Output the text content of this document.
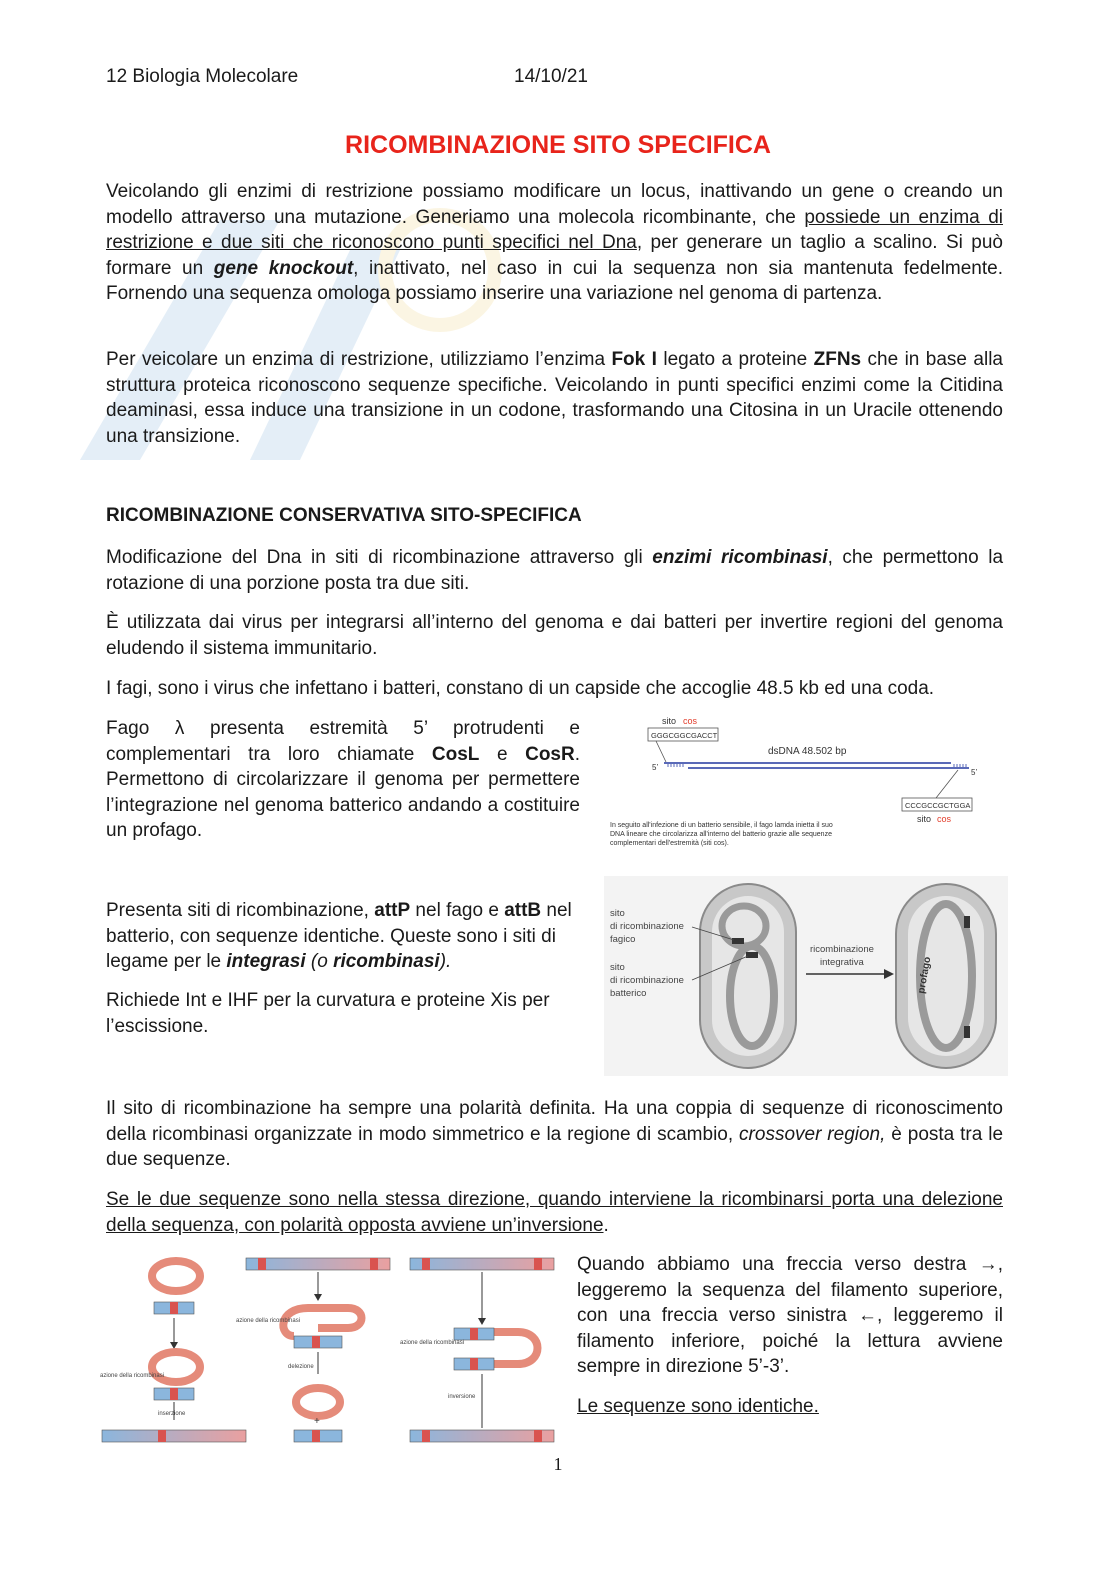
12 Biologia Molecolare	14/10/21
RICOMBINAZIONE SITO SPECIFICA

Veicolando gli enzimi di restrizione possiamo modificare un locus, inattivando un gene o creando un modello attraverso una mutazione. Generiamo una molecola ricombinante, che possiede un enzima di restrizione e due siti che riconoscono punti specifici nel Dna, per generare un taglio a scalino. Si può formare un gene knockout, inattivato, nel caso in cui la sequenza non sia mantenuta fedelmente. Fornendo una sequenza omologa possiamo inserire una variazione nel genoma di partenza.

Per veicolare un enzima di restrizione, utilizziamo l’enzima Fok I legato a proteine ZFNs che in base alla struttura proteica riconoscono sequenze specifiche. Veicolando in punti specifici enzimi come la Citidina deaminasi, essa induce una transizione in un codone, trasformando una Citosina in un Uracile ottenendo una transizione.

RICOMBINAZIONE CONSERVATIVA SITO-SPECIFICA

Modificazione del Dna in siti di ricombinazione attraverso gli enzimi ricombinasi, che permettono la rotazione di una porzione posta tra due siti.

È utilizzata dai virus per integrarsi all’interno del genoma e dai batteri per invertire regioni del genoma eludendo il sistema immunitario.

I fagi, sono i virus che infettano i batteri, constano di un capside che accoglie 48.5 kb ed una coda.

Fago λ presenta estremità 5’ protrudenti e complementari tra loro chiamate CosL e CosR. Permettono di circolarizzare il genoma per permettere l’integrazione nel genoma batterico andando a costituire un profago.

sito cos
GGGCGGCGACCT
dsDNA 48.502 bp
5’
5’
CCCGCCGCTGGA
sito cos
In seguito all'infezione di un batterio sensibile, il fago lamda inietta il suo
DNA lineare che circolarizza all'interno del batterio grazie alle sequenze
complementari dell'estremità (siti cos).

Presenta siti di ricombinazione, attP nel fago e attB nel batterio, con sequenze identiche. Queste sono i siti di legame per le integrasi (o ricombinasi).

Richiede Int e IHF per la curvatura e proteine Xis per l’escissione.

sito
di ricombinazione
fagico
sito
di ricombinazione
batterico
ricombinazione
integrativa	profago

Il sito di ricombinazione ha sempre una polarità definita. Ha una coppia di sequenze di riconoscimento della ricombinasi organizzate in modo simmetrico e la regione di scambio, crossover region, è posta tra le due sequenze.

Se le due sequenze sono nella stessa direzione, quando interviene la ricombinarsi porta una delezione della sequenza, con polarità opposta avviene un’inversione.

azione della ricombinasi
inserzione
azione della ricombinasi
delezione
+
azione della ricombinasi
inversione

Quando abbiamo una freccia verso destra →, leggeremo la sequenza del filamento superiore, con una freccia verso sinistra ←, leggeremo il filamento inferiore, poiché la lettura avviene sempre in direzione 5’-3’.

Le sequenze sono identiche.

1
